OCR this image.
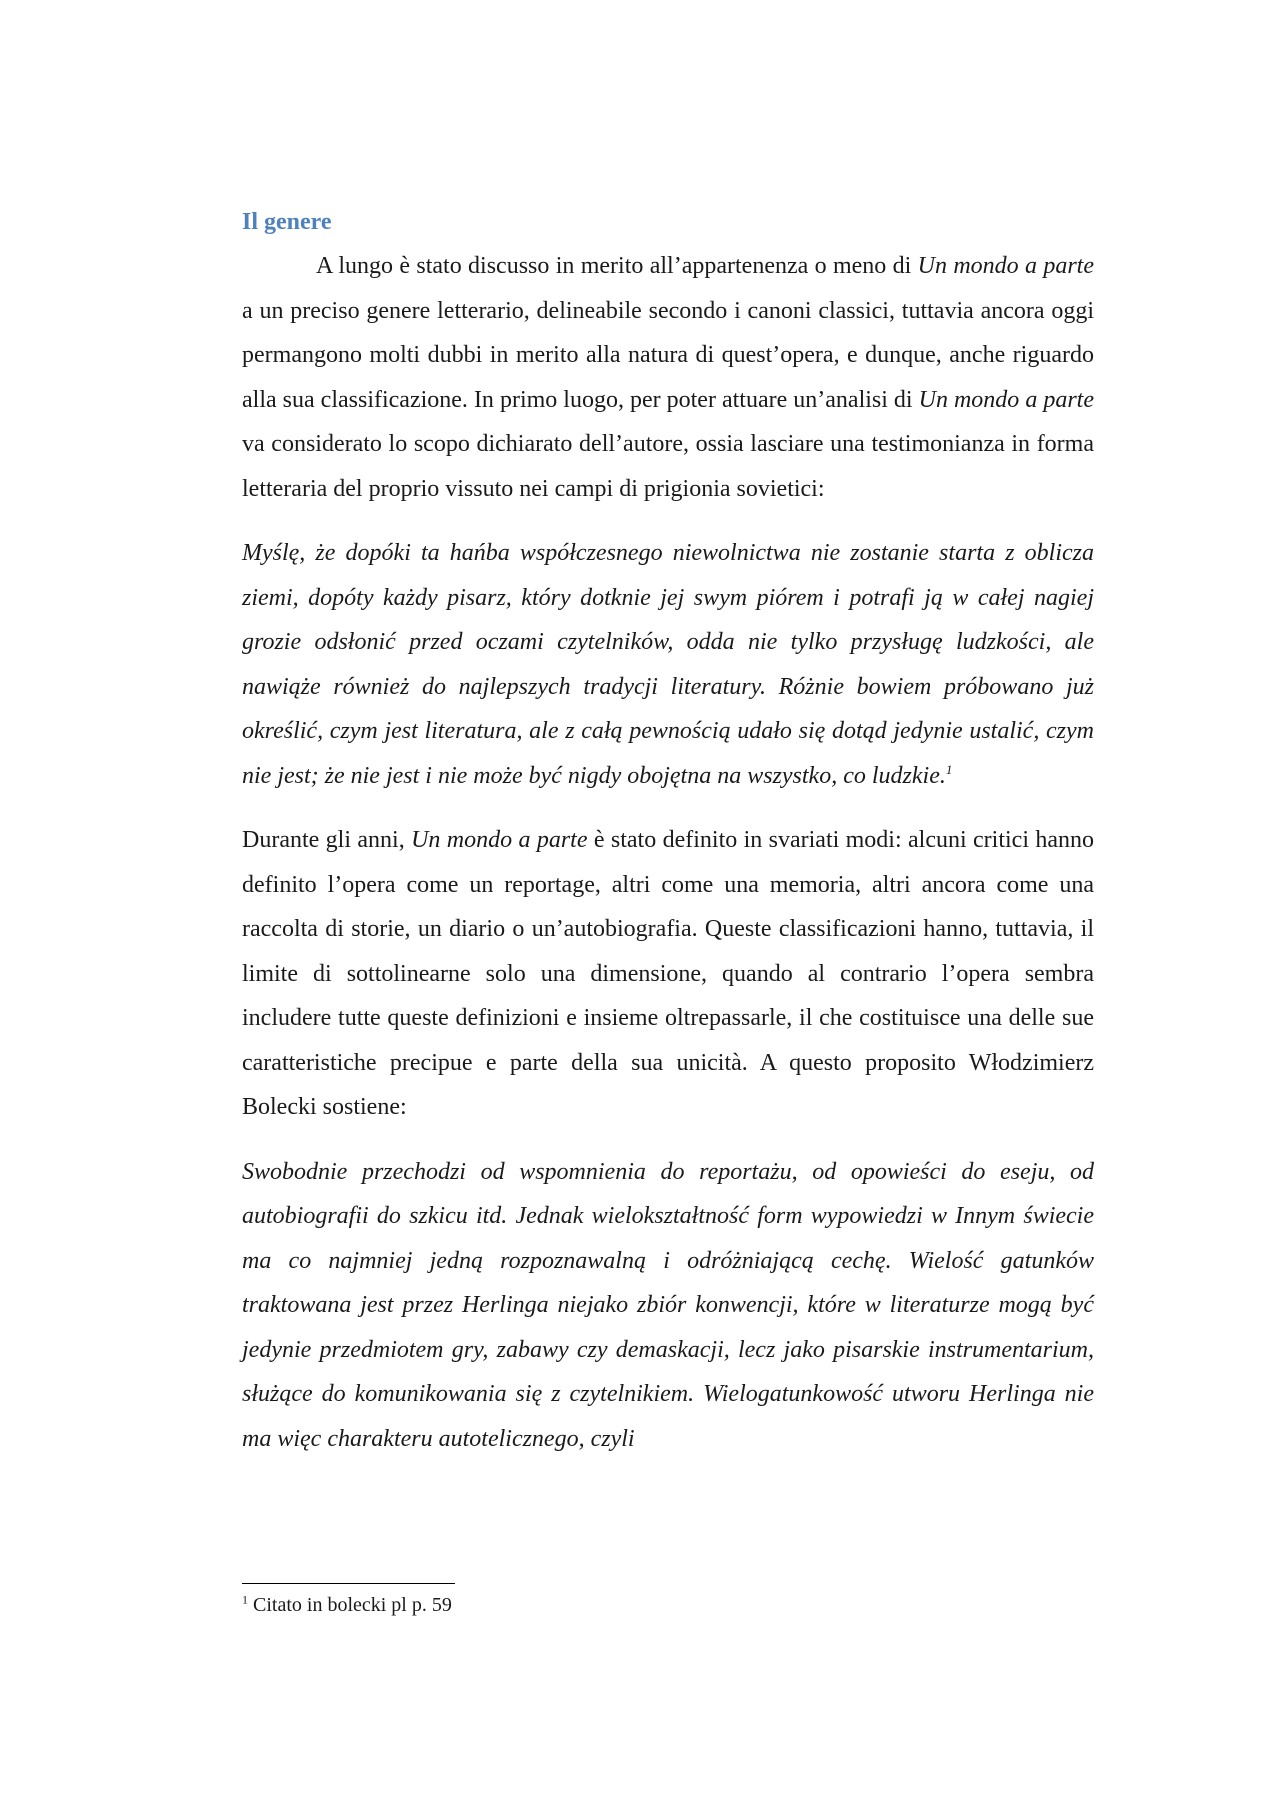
Il genere

A lungo è stato discusso in merito all’appartenenza o meno di Un mondo a parte a un preciso genere letterario, delineabile secondo i canoni classici, tuttavia ancora oggi permangono molti dubbi in merito alla natura di quest’opera, e dunque, anche riguardo alla sua classificazione. In primo luogo, per poter attuare un’analisi di Un mondo a parte va considerato lo scopo dichiarato dell’autore, ossia lasciare una testimonianza in forma letteraria del proprio vissuto nei campi di prigionia sovietici:

Myślę, że dopóki ta hańba współczesnego niewolnictwa nie zostanie starta z oblicza ziemi, dopóty każdy pisarz, który dotknie jej swym piórem i potrafi ją w całej nagiej grozie odsłonić przed oczami czytelników, odda nie tylko przysługę ludzkości, ale nawiąże również do najlepszych tradycji literatury. Różnie bowiem próbowano już określić, czym jest literatura, ale z całą pewnością udało się dotąd jedynie ustalić, czym nie jest; że nie jest i nie może być nigdy obojętna na wszystko, co ludzkie.$^1$

Durante gli anni, Un mondo a parte è stato definito in svariati modi: alcuni critici hanno definito l’opera come un reportage, altri come una memoria, altri ancora come una raccolta di storie, un diario o un’autobiografia. Queste classificazioni hanno, tuttavia, il limite di sottolinearne solo una dimensione, quando al contrario l’opera sembra includere tutte queste definizioni e insieme oltrepassarle, il che costituisce una delle sue caratteristiche precipue e parte della sua unicità. A questo proposito Włodzimierz Bolecki sostiene:

Swobodnie przechodzi od wspomnienia do reportażu, od opowieści do eseju, od autobiografii do szkicu itd. Jednak wielokształtność form wypowiedzi w Innym świecie ma co najmniej jedną rozpoznawalną i odróżniającą cechę. Wielość gatunków traktowana jest przez Herlinga niejako zbiór konwencji, które w literaturze mogą być jedynie przedmiotem gry, zabawy czy demaskacji, lecz jako pisarskie instrumentarium, służące do komunikowania się z czytelnikiem. Wielogatunkowość utworu Herlinga nie ma więc charakteru autotelicznego, czyli

$^1$ Citato in bolecki pl p. 59
